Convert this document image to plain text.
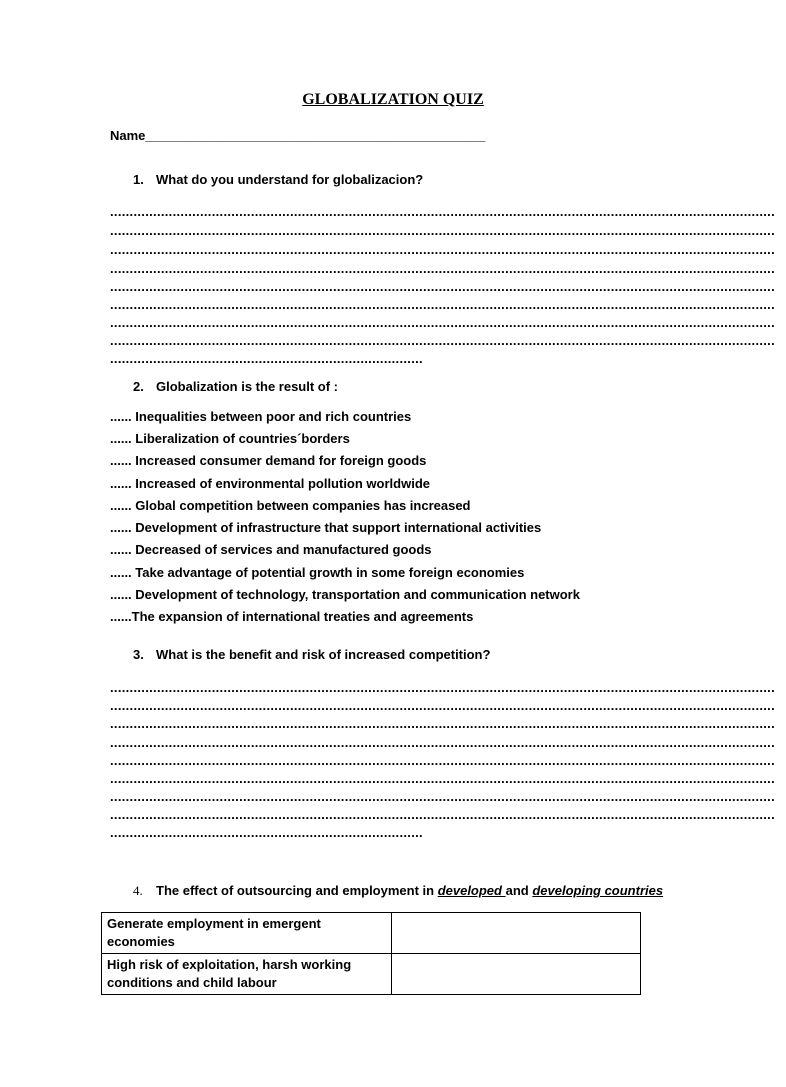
GLOBALIZATION QUIZ
Name_______________________________________________
1. What do you understand for globalizacion?
..........................................................................................................................................................................
..........................................................................................................................................................................
..........................................................................................................................................................................
..........................................................................................................................................................................
..........................................................................................................................................................................
..........................................................................................................................................................................
..........................................................................................................................................................................
..........................................................................................................................................................................
................................................................................
2. Globalization is the result of :
...... Inequalities between poor and rich countries
...... Liberalization of countries´borders
...... Increased consumer demand for foreign goods
...... Increased of environmental pollution worldwide
...... Global competition between companies has increased
...... Development of infrastructure that support international activities
...... Decreased of services and manufactured goods
...... Take advantage of potential growth in some foreign economies
...... Development of technology, transportation and communication network
......The expansion of international treaties and agreements
3. What is the benefit and risk of increased competition?
..........................................................................................................................................................................
..........................................................................................................................................................................
..........................................................................................................................................................................
..........................................................................................................................................................................
..........................................................................................................................................................................
..........................................................................................................................................................................
..........................................................................................................................................................................
..........................................................................................................................................................................
................................................................................
4. The effect of outsourcing and employment in developed and developing countries
Generate employment in emergent
economies	

High risk of exploitation, harsh working
conditions and child labour	
